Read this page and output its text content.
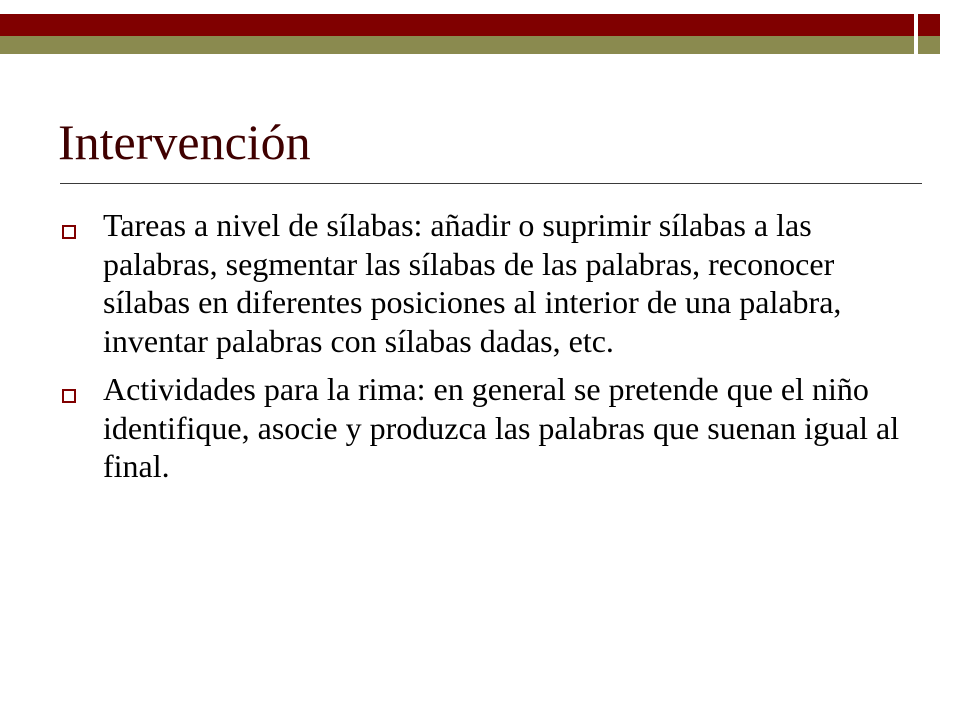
Intervención
Tareas a nivel de sílabas: añadir o suprimir sílabas a las palabras, segmentar las sílabas de las palabras, reconocer sílabas en diferentes posiciones al interior de una palabra, inventar palabras con sílabas dadas, etc.
Actividades para la rima: en general se pretende que el niño identifique, asocie y produzca las palabras que suenan igual al final.
